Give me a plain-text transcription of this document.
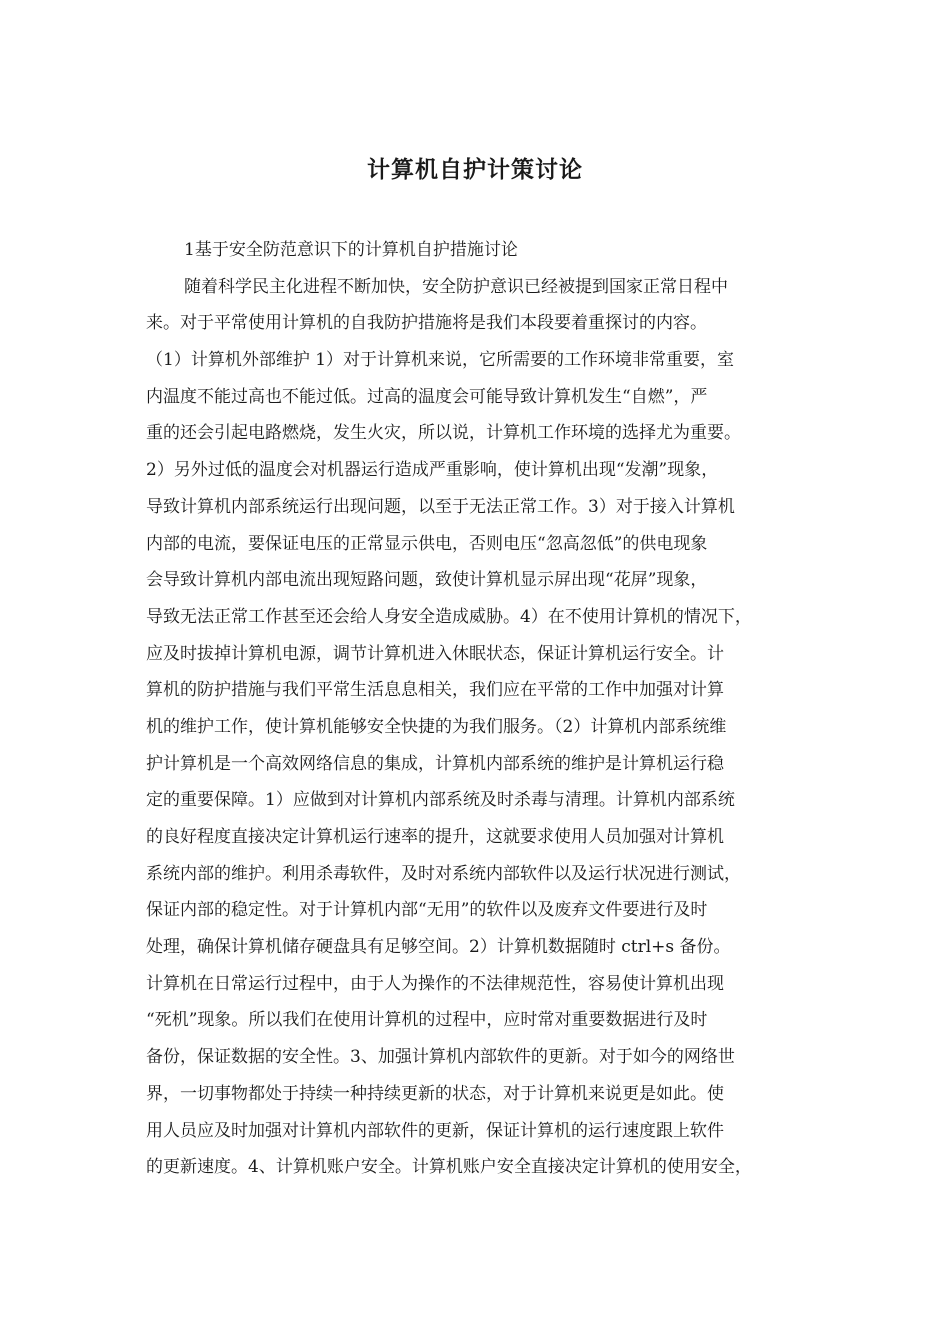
计算机自护计策讨论
1基于安全防范意识下的计算机自护措施讨论
随着科学民主化进程不断加快，安全防护意识已经被提到国家正常日程中
来。对于平常使用计算机的自我防护措施将是我们本段要着重探讨的内容。
（1）计算机外部维护 1）对于计算机来说，它所需要的工作环境非常重要，室
内温度不能过高也不能过低。过高的温度会可能导致计算机发生“自燃”，严
重的还会引起电路燃烧，发生火灾，所以说，计算机工作环境的选择尤为重要。
2）另外过低的温度会对机器运行造成严重影响，使计算机出现“发潮”现象，
导致计算机内部系统运行出现问题，以至于无法正常工作。3）对于接入计算机
内部的电流，要保证电压的正常显示供电，否则电压“忽高忽低”的供电现象
会导致计算机内部电流出现短路问题，致使计算机显示屏出现“花屏”现象，
导致无法正常工作甚至还会给人身安全造成威胁。4）在不使用计算机的情况下，
应及时拔掉计算机电源，调节计算机进入休眠状态，保证计算机运行安全。计
算机的防护措施与我们平常生活息息相关，我们应在平常的工作中加强对计算
机的维护工作，使计算机能够安全快捷的为我们服务。（2）计算机内部系统维
护计算机是一个高效网络信息的集成，计算机内部系统的维护是计算机运行稳
定的重要保障。1）应做到对计算机内部系统及时杀毒与清理。计算机内部系统
的良好程度直接决定计算机运行速率的提升，这就要求使用人员加强对计算机
系统内部的维护。利用杀毒软件，及时对系统内部软件以及运行状况进行测试，
保证内部的稳定性。对于计算机内部“无用”的软件以及废弃文件要进行及时
处理，确保计算机储存硬盘具有足够空间。2）计算机数据随时 ctrl+s 备份。
计算机在日常运行过程中，由于人为操作的不法律规范性，容易使计算机出现
“死机”现象。所以我们在使用计算机的过程中，应时常对重要数据进行及时
备份，保证数据的安全性。3、加强计算机内部软件的更新。对于如今的网络世
界，一切事物都处于持续一种持续更新的状态，对于计算机来说更是如此。使
用人员应及时加强对计算机内部软件的更新，保证计算机的运行速度跟上软件
的更新速度。4、计算机账户安全。计算机账户安全直接决定计算机的使用安全，
